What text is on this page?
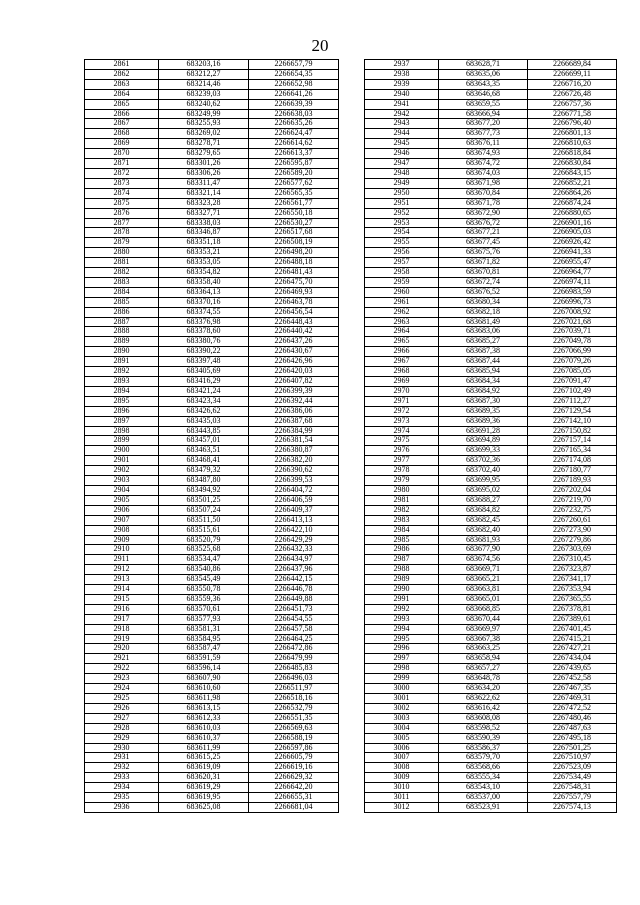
20
2861	683203,16	2266657,79
2862	683212,27	2266654,35
2863	683214,46	2266652,98
2864	683239,03	2266641,26
2865	683240,62	2266639,39
2866	683249,99	2266638,03
2867	683255,93	2266635,26
2868	683269,02	2266624,47
2869	683278,71	2266614,62
2870	683279,65	2266613,37
2871	683301,26	2266595,87
2872	683306,26	2266589,20
2873	683311,47	2266577,62
2874	683321,14	2266565,35
2875	683323,28	2266561,77
2876	683327,71	2266550,18
2877	683338,03	2266530,27
2878	683346,87	2266517,68
2879	683351,18	2266508,19
2880	683353,21	2266498,20
2881	683353,05	2266488,18
2882	683354,82	2266481,43
2883	683358,40	2266475,70
2884	683364,13	2266469,93
2885	683370,16	2266463,78
2886	683374,55	2266456,54
2887	683376,98	2266448,43
2888	683378,60	2266440,42
2889	683380,76	2266437,26
2890	683390,22	2266430,67
2891	683397,48	2266426,96
2892	683405,69	2266420,03
2893	683416,29	2266407,82
2894	683421,24	2266399,39
2895	683423,34	2266392,44
2896	683426,62	2266386,06
2897	683435,03	2266387,68
2898	683443,85	2266384,99
2899	683457,01	2266381,54
2900	683463,51	2266380,87
2901	683468,41	2266382,20
2902	683479,32	2266390,62
2903	683487,80	2266399,53
2904	683494,92	2266404,72
2905	683501,25	2266406,59
2906	683507,24	2266409,37
2907	683511,50	2266413,13
2908	683515,61	2266422,10
2909	683520,79	2266429,29
2910	683525,68	2266432,33
2911	683534,47	2266434,97
2912	683540,86	2266437,96
2913	683545,49	2266442,15
2914	683550,78	2266446,78
2915	683559,36	2266449,88
2916	683570,61	2266451,73
2917	683577,93	2266454,55
2918	683581,31	2266457,58
2919	683584,95	2266464,25
2920	683587,47	2266472,86
2921	683591,59	2266479,99
2922	683596,14	2266485,83
2923	683607,90	2266496,03
2924	683610,60	2266511,97
2925	683611,98	2266518,16
2926	683613,15	2266532,79
2927	683612,33	2266551,35
2928	683610,03	2266569,63
2929	683610,37	2266588,19
2930	683611,99	2266597,86
2931	683615,25	2266605,79
2932	683619,09	2266619,16
2933	683620,31	2266629,32
2934	683619,29	2266642,20
2935	683619,95	2266655,31
2936	683625,08	2266681,04
2937	683628,71	2266689,84
2938	683635,06	2266699,11
2939	683643,35	2266716,20
2940	683646,68	2266726,48
2941	683659,55	2266757,36
2942	683666,94	2266771,58
2943	683677,20	2266796,40
2944	683677,73	2266801,13
2945	683676,11	2266810,63
2946	683674,93	2266818,84
2947	683674,72	2266830,84
2948	683674,03	2266843,15
2949	683671,98	2266852,21
2950	683670,84	2266864,26
2951	683671,78	2266874,24
2952	683672,90	2266880,65
2953	683676,72	2266901,16
2954	683677,21	2266905,03
2955	683677,45	2266926,42
2956	683675,76	2266941,33
2957	683671,82	2266955,47
2958	683670,81	2266964,77
2959	683672,74	2266974,11
2960	683676,52	2266983,59
2961	683680,34	2266996,73
2962	683682,18	2267008,92
2963	683681,49	2267021,68
2964	683683,06	2267039,71
2965	683685,27	2267049,78
2966	683687,38	2267066,99
2967	683687,44	2267079,26
2968	683685,94	2267085,05
2969	683684,34	2267091,47
2970	683684,92	2267102,49
2971	683687,30	2267112,27
2972	683689,35	2267129,54
2973	683689,36	2267142,10
2974	683691,28	2267150,82
2975	683694,89	2267157,14
2976	683699,33	2267165,34
2977	683702,36	2267174,08
2978	683702,40	2267180,77
2979	683699,95	2267189,93
2980	683695,02	2267202,04
2981	683688,27	2267219,70
2982	683684,82	2267232,75
2983	683682,45	2267260,61
2984	683682,40	2267273,90
2985	683681,93	2267279,86
2986	683677,90	2267303,69
2987	683674,56	2267310,45
2988	683669,71	2267323,87
2989	683665,21	2267341,17
2990	683663,81	2267353,94
2991	683665,01	2267365,55
2992	683668,85	2267378,81
2993	683670,44	2267389,61
2994	683669,97	2267401,45
2995	683667,38	2267415,21
2996	683663,25	2267427,21
2997	683658,94	2267434,04
2998	683657,27	2267439,65
2999	683648,78	2267452,58
3000	683634,20	2267467,35
3001	683622,62	2267469,31
3002	683616,42	2267472,52
3003	683608,08	2267480,46
3004	683598,52	2267487,63
3005	683590,39	2267495,18
3006	683586,37	2267501,25
3007	683579,70	2267510,97
3008	683568,66	2267523,09
3009	683555,34	2267534,49
3010	683543,10	2267548,31
3011	683537,00	2267557,79
3012	683523,91	2267574,13
